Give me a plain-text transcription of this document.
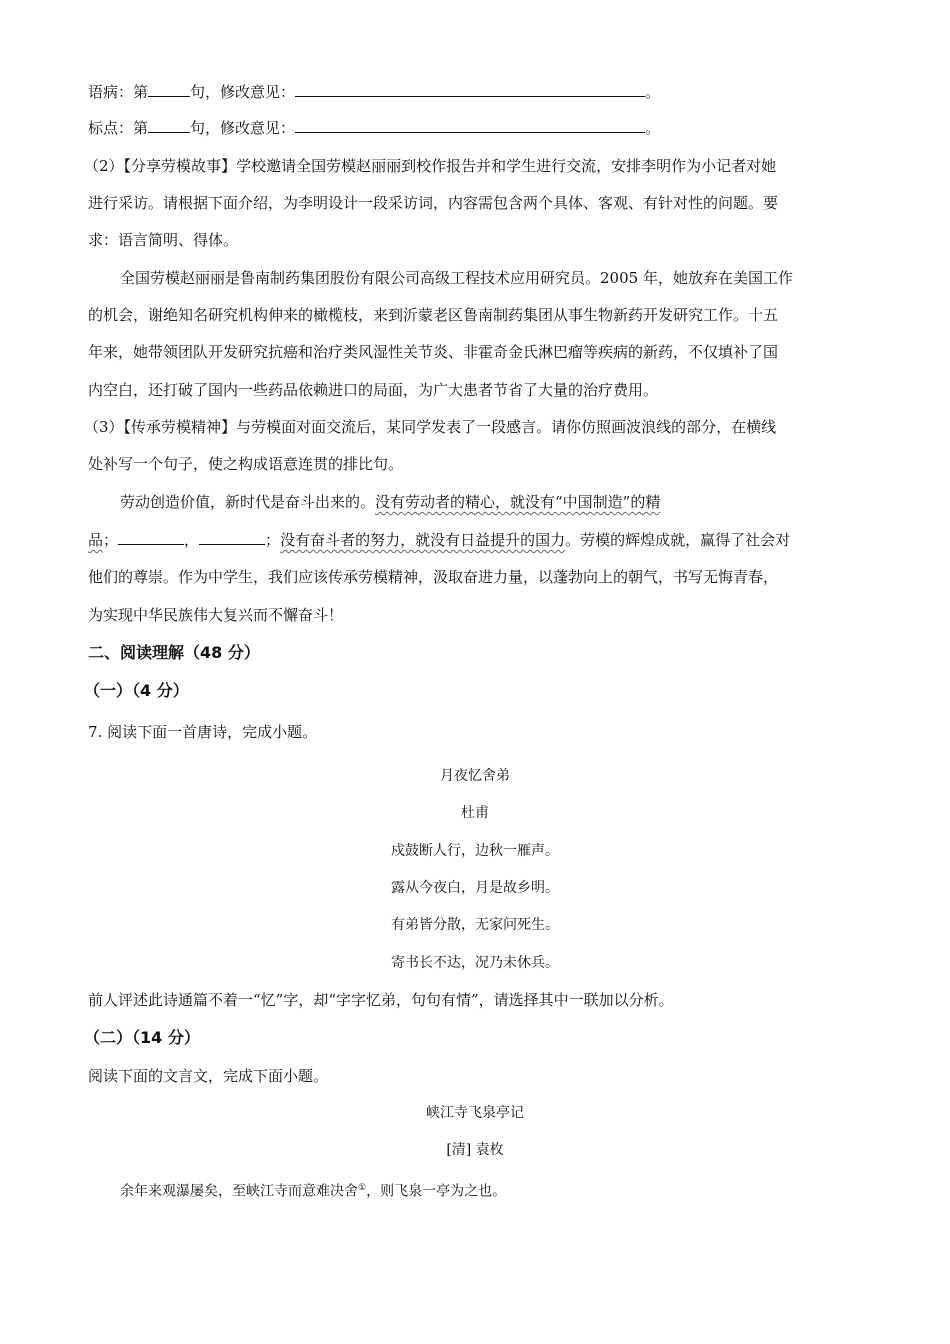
语病：第	句，修改意见：	。
标点：第	句，修改意见：	。
（2）【分享劳模故事】学校邀请全国劳模赵丽丽到校作报告并和学生进行交流，安排李明作为小记者对她
进行采访。请根据下面介绍，为李明设计一段采访词，内容需包含两个具体、客观、有针对性的问题。要
求：语言简明、得体。
全国劳模赵丽丽是鲁南制药集团股份有限公司高级工程技术应用研究员。2005 年，她放弃在美国工作
的机会，谢绝知名研究机构伸来的橄榄枝，来到沂蒙老区鲁南制药集团从事生物新药开发研究工作。十五
年来，她带领团队开发研究抗癌和治疗类风湿性关节炎、非霍奇金氏淋巴瘤等疾病的新药，不仅填补了国
内空白，还打破了国内一些药品依赖进口的局面，为广大患者节省了大量的治疗费用。
（3）【传承劳模精神】与劳模面对面交流后，某同学发表了一段感言。请你仿照画波浪线的部分，在横线
处补写一个句子，使之构成语意连贯的排比句。
劳动创造价值，新时代是奋斗出来的。没有劳动者的精心，就没有“中国制造”的精
品；	，	；没有奋斗者的努力，就没有日益提升的国力。劳模的辉煌成就，赢得了社会对
他们的尊崇。作为中学生，我们应该传承劳模精神，汲取奋进力量，以蓬勃向上的朝气，书写无悔青春，
为实现中华民族伟大复兴而不懈奋斗！
二、阅读理解（48 分）
（一）（4 分）
7. 阅读下面一首唐诗，完成小题。
月夜忆舍弟
杜甫
戍鼓断人行，边秋一雁声。
露从今夜白，月是故乡明。
有弟皆分散，无家问死生。
寄书长不达，况乃未休兵。
前人评述此诗通篇不着一“忆”字，却“字字忆弟，句句有情”，请选择其中一联加以分析。
（二）（14 分）
阅读下面的文言文，完成下面小题。
峡江寺飞泉亭记
[清] 袁枚
余年来观瀑屡矣，至峡江寺而意难决舍①，则飞泉一亭为之也。
